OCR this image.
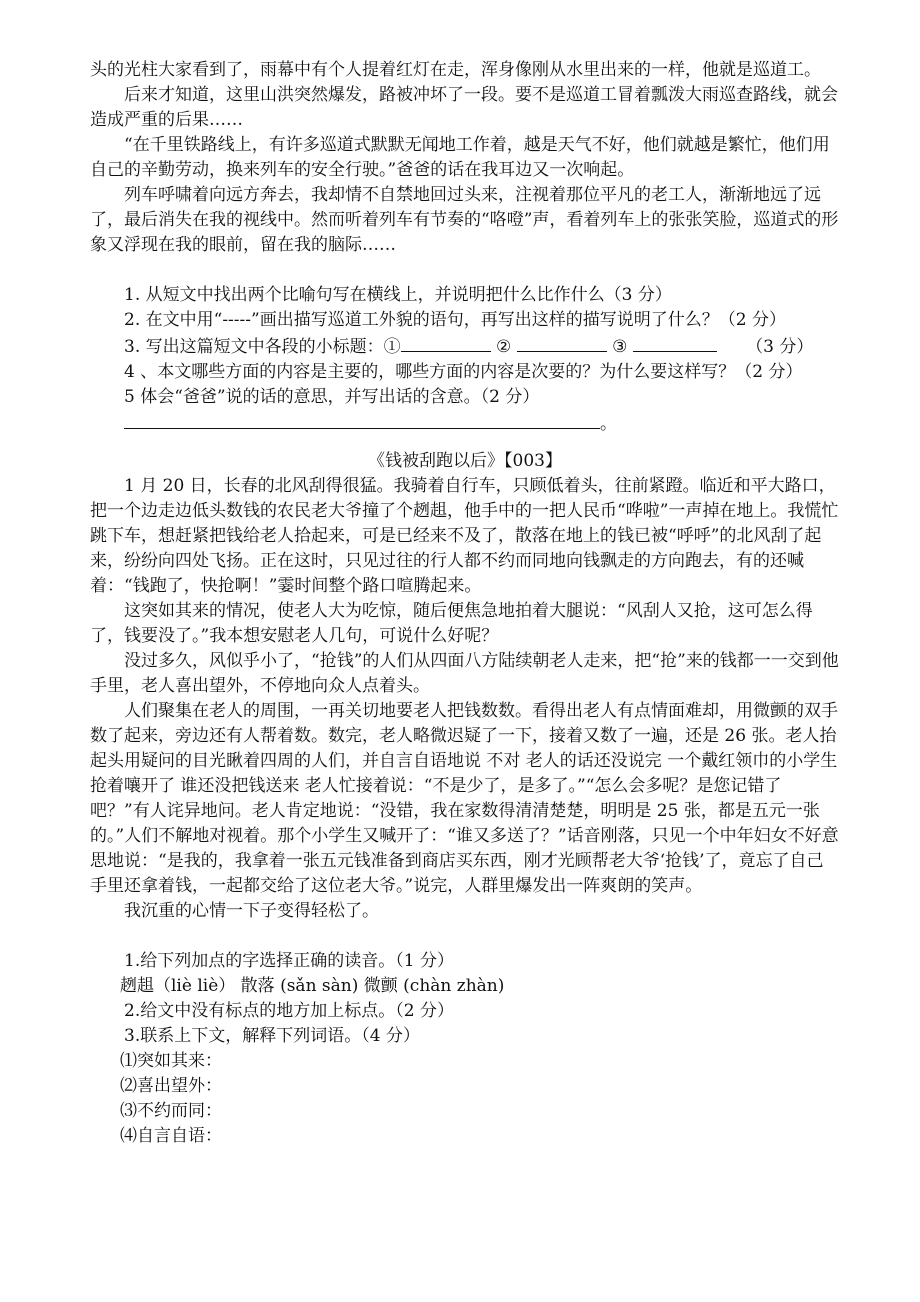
头的光柱大家看到了，雨幕中有个人提着红灯在走，浑身像刚从水里出来的一样，他就是巡道工。

后来才知道，这里山洪突然爆发，路被冲坏了一段。要不是巡道工冒着瓢泼大雨巡查路线，就会造成严重的后果……

“在千里铁路线上，有许多巡道式默默无闻地工作着，越是天气不好，他们就越是繁忙，他们用自己的辛勤劳动，换来列车的安全行驶。”爸爸的话在我耳边又一次响起。

列车呼啸着向远方奔去，我却情不自禁地回过头来，注视着那位平凡的老工人，渐渐地远了远了，最后消失在我的视线中。然而听着列车有节奏的“咯噔”声，看着列车上的张张笑脸，巡道式的形象又浮现在我的眼前，留在我的脑际……

1. 从短文中找出两个比喻句写在横线上，并说明把什么比作什么（3 分）

2. 在文中用“-----”画出描写巡道工外貌的语句，再写出这样的描写说明了什么？（2 分）

3. 写出这篇短文中各段的小标题：①	②	③	（3 分）

4 、本文哪些方面的内容是主要的，哪些方面的内容是次要的？为什么要这样写？（2 分）

5 体会“爸爸”说的话的意思，并写出话的含意。（2 分）

。

《钱被刮跑以后》【003】

1 月 20 日，长春的北风刮得很猛。我骑着自行车，只顾低着头，往前紧蹬。临近和平大路口，把一个边走边低头数钱的农民老大爷撞了个趔趄，他手中的一把人民币“哗啦”一声掉在地上。我慌忙跳下车，想赶紧把钱给老人拾起来，可是已经来不及了，散落在地上的钱已被“呼呼”的北风刮了起来，纷纷向四处飞扬。正在这时，只见过往的行人都不约而同地向钱飘走的方向跑去，有的还喊着：“钱跑了，快抢啊！”霎时间整个路口喧腾起来。

这突如其来的情况，使老人大为吃惊，随后便焦急地拍着大腿说：“风刮人又抢，这可怎么得了，钱要没了。”我本想安慰老人几句，可说什么好呢？

没过多久，风似乎小了，“抢钱”的人们从四面八方陆续朝老人走来，把“抢”来的钱都一一交到他手里，老人喜出望外，不停地向众人点着头。

人们聚集在老人的周围，一再关切地要老人把钱数数。看得出老人有点情面难却，用微颤的双手数了起来，旁边还有人帮着数。数完，老人略微迟疑了一下，接着又数了一遍，还是 26 张。老人抬起头用疑问的目光瞅着四周的人们，并自言自语地说 不对 老人的话还没说完 一个戴红领巾的小学生抢着嚷开了 谁还没把钱送来 老人忙接着说：“不是少了，是多了。”“怎么会多呢？是您记错了吧？”有人诧异地问。老人肯定地说：“没错，我在家数得清清楚楚，明明是 25 张，都是五元一张的。”人们不解地对视着。那个小学生又喊开了：“谁又多送了？”话音刚落，只见一个中年妇女不好意思地说：“是我的，我拿着一张五元钱准备到商店买东西，刚才光顾帮老大爷‘抢钱’了，竟忘了自己手里还拿着钱，一起都交给了这位老大爷。”说完，人群里爆发出一阵爽朗的笑声。

我沉重的心情一下子变得轻松了。

1.给下列加点的字选择正确的读音。（1 分）

趔趄（liè liè） 散落 (sǎn sàn) 微颤 (chàn zhàn)

2.给文中没有标点的地方加上标点。（2 分）

3.联系上下文，解释下列词语。（4 分）

⑴突如其来：

⑵喜出望外：

⑶不约而同：

⑷自言自语：
